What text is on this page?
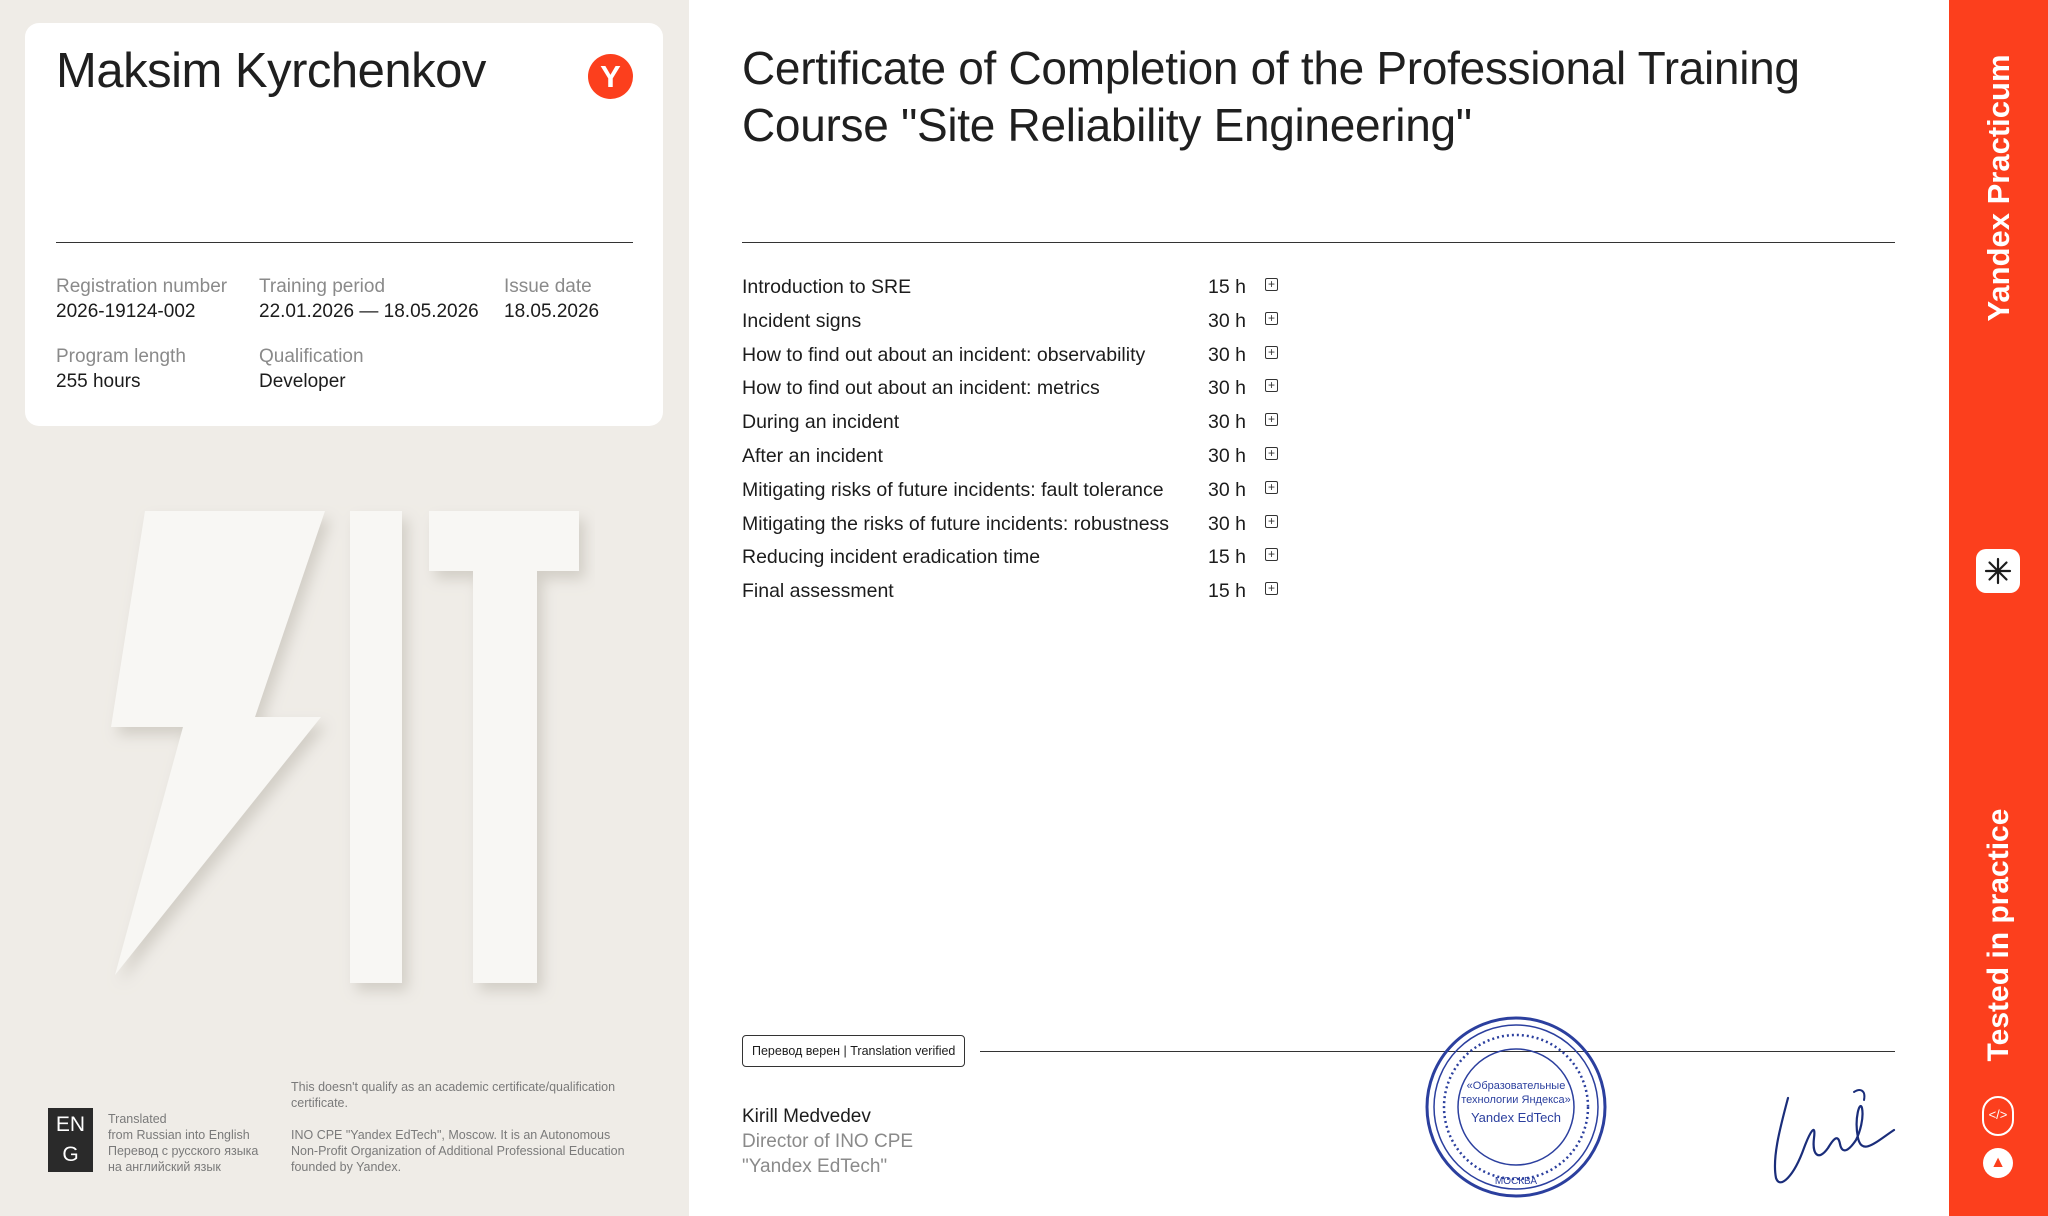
Maksim Kyrchenkov	Y
Registration number
2026-19124-002
Training period
22.01.2026 — 18.05.2026
Issue date
18.05.2026
Program length
255 hours
Qualification
Developer
EN
G
Translated
from Russian into English
Перевод с русского языка
на английский язык
This doesn't qualify as an academic certificate/qualification
certificate.
INO CPE "Yandex EdTech", Moscow. It is an Autonomous
Non-Profit Organization of Additional Professional Education
founded by Yandex.
Certificate of Completion of the Professional Training
Course "Site Reliability Engineering"
Introduction to SRE	15 h +
Incident signs	30 h +
How to find out about an incident: observability	30 h +
How to find out about an incident: metrics	30 h +
During an incident	30 h +
After an incident	30 h +
Mitigating risks of future incidents: fault tolerance 30 h +
Mitigating the risks of future incidents: robustness 30 h +
Reducing incident eradication time	15 h +
Final assessment	15 h +
Перевод верен | Translation verified
Kirill Medvedev
Director of INO CPE
"Yandex EdTech"
«Образовательные
технологии Яндекса»
Yandex EdTech
МОСКВА
Yandex Practicum
Tested in practice
</>
▲
